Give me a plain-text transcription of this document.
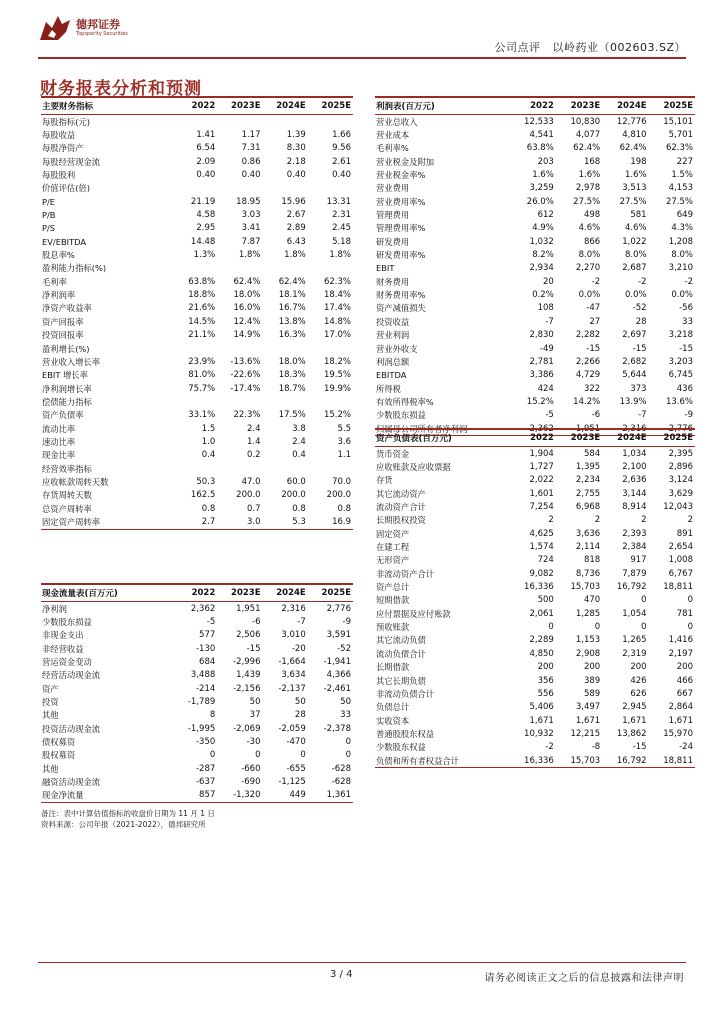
德邦证券
Topsperity Securities
公司点评 以岭药业（002603.SZ）
财务报表分析和预测
主要财务指标	2022	2023E	2024E	2025E
每股指标(元)				
每股收益	1.41	1.17	1.39	1.66
每股净资产	6.54	7.31	8.30	9.56
每股经营现金流	2.09	0.86	2.18	2.61
每股股利	0.40	0.40	0.40	0.40
价值评估(倍)				
P/E	21.19	18.95	15.96	13.31
P/B	4.58	3.03	2.67	2.31
P/S	2.95	3.41	2.89	2.45
EV/EBITDA	14.48	7.87	6.43	5.18
股息率%	1.3%	1.8%	1.8%	1.8%
盈利能力指标(%)				
毛利率	63.8%	62.4%	62.4%	62.3%
净利润率	18.8%	18.0%	18.1%	18.4%
净资产收益率	21.6%	16.0%	16.7%	17.4%
资产回报率	14.5%	12.4%	13.8%	14.8%
投资回报率	21.1%	14.9%	16.3%	17.0%
盈利增长(%)				
营业收入增长率	23.9%	-13.6%	18.0%	18.2%
EBIT 增长率	81.0%	-22.6%	18.3%	19.5%
净利润增长率	75.7%	-17.4%	18.7%	19.9%
偿债能力指标				
资产负债率	33.1%	22.3%	17.5%	15.2%
流动比率	1.5	2.4	3.8	5.5
速动比率	1.0	1.4	2.4	3.6
现金比率	0.4	0.2	0.4	1.1
经营效率指标				
应收帐款周转天数	50.3	47.0	60.0	70.0
存货周转天数	162.5	200.0	200.0	200.0
总资产周转率	0.8	0.7	0.8	0.8
固定资产周转率	2.7	3.0	5.3	16.9
利润表(百万元)	2022	2023E	2024E	2025E
营业总收入	12,533	10,830	12,776	15,101
营业成本	4,541	4,077	4,810	5,701
毛利率%	63.8%	62.4%	62.4%	62.3%
营业税金及附加	203	168	198	227
营业税金率%	1.6%	1.6%	1.6%	1.5%
营业费用	3,259	2,978	3,513	4,153
营业费用率%	26.0%	27.5%	27.5%	27.5%
管理费用	612	498	581	649
管理费用率%	4.9%	4.6%	4.6%	4.3%
研发费用	1,032	866	1,022	1,208
研发费用率%	8.2%	8.0%	8.0%	8.0%
EBIT	2,934	2,270	2,687	3,210
财务费用	20	-2	-2	-2
财务费用率%	0.2%	0.0%	0.0%	0.0%
资产减值损失	108	-47	-52	-56
投资收益	-7	27	28	33
营业利润	2,830	2,282	2,697	3,218
营业外收支	-49	-15	-15	-15
利润总额	2,781	2,266	2,682	3,203
EBITDA	3,386	4,729	5,644	6,745
所得税	424	322	373	436
有效所得税率%	15.2%	14.2%	13.9%	13.6%
少数股东损益	-5	-6	-7	-9
归属母公司所有者净利润	2,362	1,951	2,316	2,776
现金流量表(百万元)	2022	2023E	2024E	2025E
净利润	2,362	1,951	2,316	2,776
少数股东损益	-5	-6	-7	-9
非现金支出	577	2,506	3,010	3,591
非经营收益	-130	-15	-20	-52
营运资金变动	684	-2,996	-1,664	-1,941
经营活动现金流	3,488	1,439	3,634	4,366
资产	-214	-2,156	-2,137	-2,461
投资	-1,789	50	50	50
其他	8	37	28	33
投资活动现金流	-1,995	-2,069	-2,059	-2,378
债权募资	-350	-30	-470	0
股权募资	0	0	0	0
其他	-287	-660	-655	-628
融资活动现金流	-637	-690	-1,125	-628
现金净流量	857	-1,320	449	1,361
资产负债表(百万元)	2022	2023E	2024E	2025E
货币资金	1,904	584	1,034	2,395
应收账款及应收票据	1,727	1,395	2,100	2,896
存货	2,022	2,234	2,636	3,124
其它流动资产	1,601	2,755	3,144	3,629
流动资产合计	7,254	6,968	8,914	12,043
长期股权投资	2	2	2	2
固定资产	4,625	3,636	2,393	891
在建工程	1,574	2,114	2,384	2,654
无形资产	724	818	917	1,008
非流动资产合计	9,082	8,736	7,879	6,767
资产总计	16,336	15,703	16,792	18,811
短期借款	500	470	0	0
应付票据及应付账款	2,061	1,285	1,054	781
预收账款	0	0	0	0
其它流动负债	2,289	1,153	1,265	1,416
流动负债合计	4,850	2,908	2,319	2,197
长期借款	200	200	200	200
其它长期负债	356	389	426	466
非流动负债合计	556	589	626	667
负债总计	5,406	3,497	2,945	2,864
实收资本	1,671	1,671	1,671	1,671
普通股股东权益	10,932	12,215	13,862	15,970
少数股东权益	-2	-8	-15	-24
负债和所有者权益合计	16,336	15,703	16,792	18,811
备注：表中计算估值指标的收盘价日期为 11 月 1 日
资料来源：公司年报（2021-2022），德邦研究所
3 / 4	请务必阅读正文之后的信息披露和法律声明
